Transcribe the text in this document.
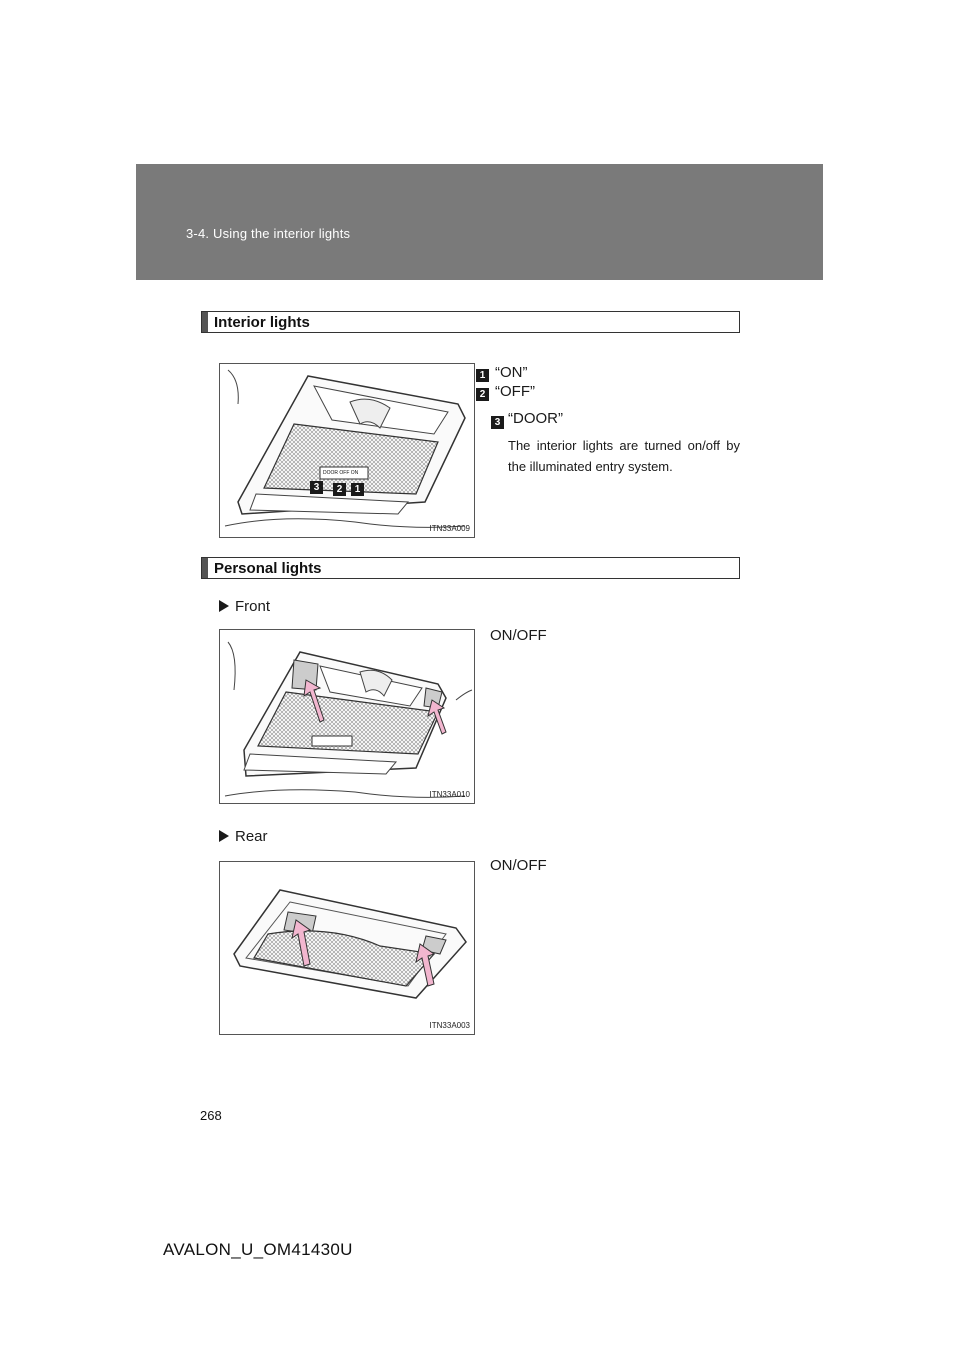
3-4. Using the interior lights
Interior lights
DOOR OFF ON
3	2	1
ITN33A009
1 “ON”
2 “OFF”
3 “DOOR”
The interior lights are turned on/off by the illuminated entry system.
Personal lights
Front
ON/OFF
ITN33A010
Rear
ON/OFF
ITN33A003
268
AVALON_U_OM41430U
